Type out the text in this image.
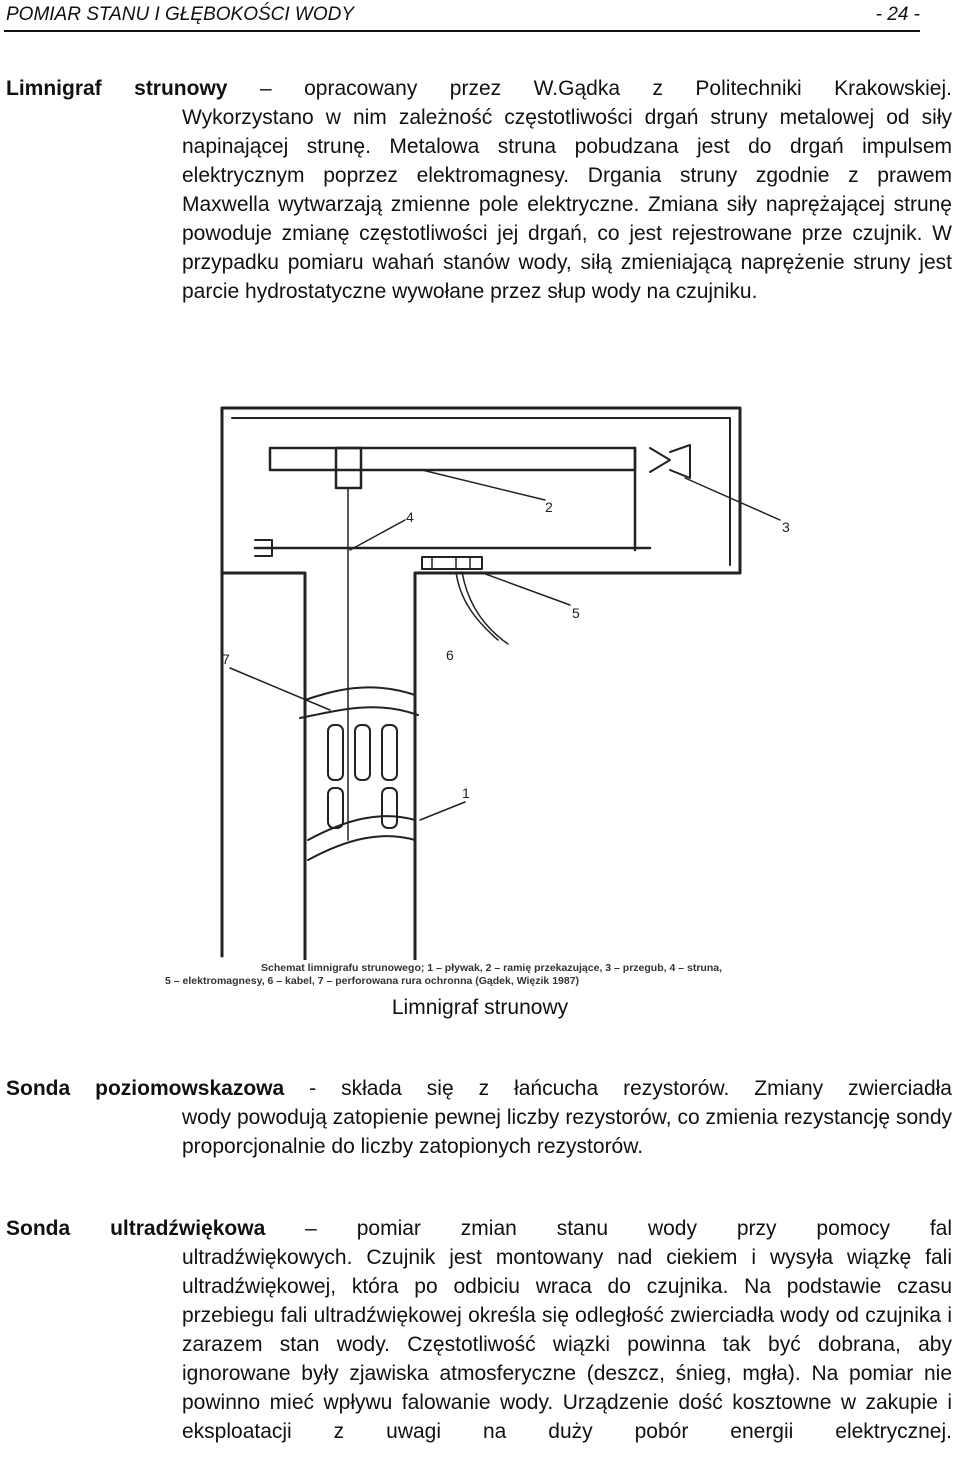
POMIAR STANU I GŁĘBOKOŚCI WODY	- 24 -
Limnigraf strunowy – opracowany przez W.Gądka z Politechniki Krakowskiej.
Wykorzystano w nim zależność częstotliwości drgań struny metalowej od siły napinającej strunę. Metalowa struna pobudzana jest do drgań impulsem elektrycznym poprzez elektromagnesy. Drgania struny zgodnie z prawem Maxwella wytwarzają zmienne pole elektryczne. Zmiana siły naprężającej strunę powoduje zmianę częstotliwości jej drgań, co jest rejestrowane prze czujnik. W przypadku pomiaru wahań stanów wody, siłą zmieniającą naprężenie struny jest parcie hydrostatyczne wywołane przez słup wody na czujniku.
2
3
4
5
6
7
1
Schemat limnigrafu strunowego; 1 – pływak, 2 – ramię przekazujące, 3 – przegub, 4 – struna,
5 – elektromagnesy, 6 – kabel, 7 – perforowana rura ochronna (Gądek, Więzik 1987)
Limnigraf strunowy
Sonda poziomowskazowa - składa się z łańcucha rezystorów. Zmiany zwierciadła
wody powodują zatopienie pewnej liczby rezystorów, co zmienia rezystancję sondy proporcjonalnie do liczby zatopionych rezystorów.
Sonda ultradźwiękowa – pomiar zmian stanu wody przy pomocy fal
ultradźwiękowych. Czujnik jest montowany nad ciekiem i wysyła wiązkę fali ultradźwiękowej, która po odbiciu wraca do czujnika. Na podstawie czasu przebiegu fali ultradźwiękowej określa się odległość zwierciadła wody od czujnika i zarazem stan wody. Częstotliwość wiązki powinna tak być dobrana, aby ignorowane były zjawiska atmosferyczne (deszcz, śnieg, mgła). Na pomiar nie powinno mieć wpływu falowanie wody. Urządzenie dość kosztowne w zakupie i eksploatacji z uwagi na duży pobór energii elektrycznej.
